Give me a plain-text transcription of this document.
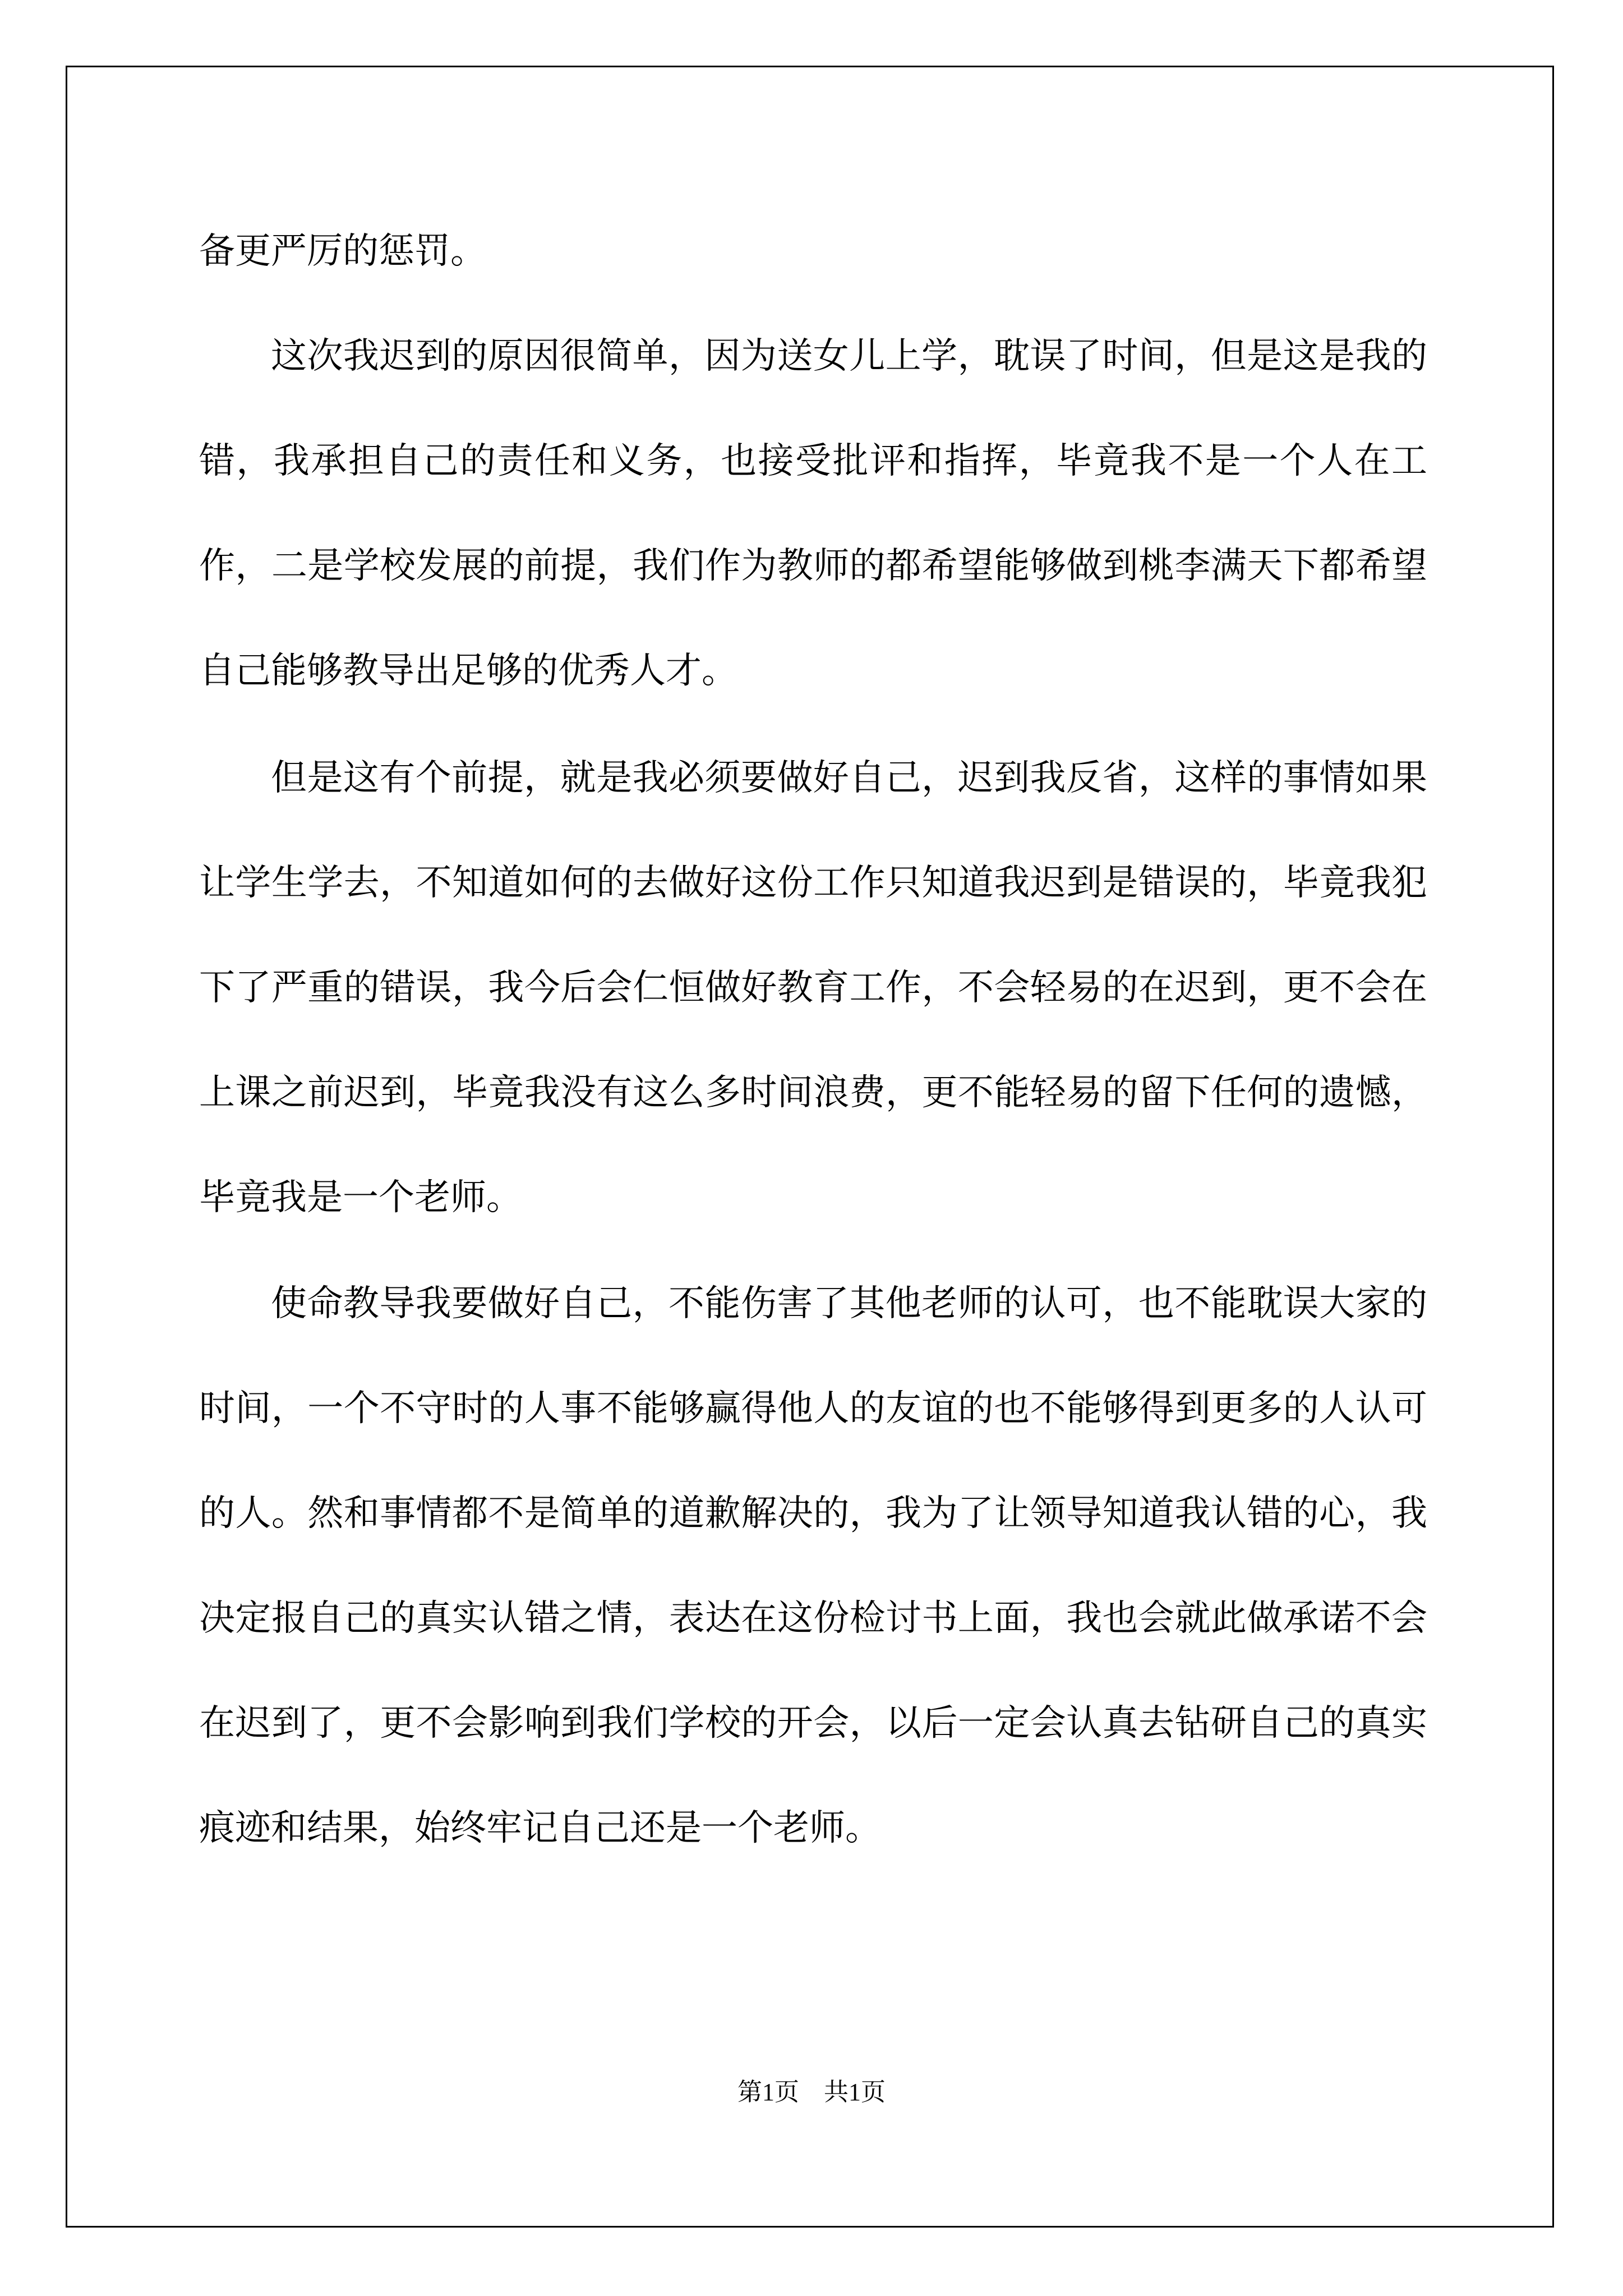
备更严厉的惩罚。

这次我迟到的原因很简单，因为送女儿上学，耽误了时间，但是这是我的错，我承担自己的责任和义务，也接受批评和指挥，毕竟我不是一个人在工作，二是学校发展的前提，我们作为教师的都希望能够做到桃李满天下都希望自己能够教导出足够的优秀人才。

但是这有个前提，就是我必须要做好自己，迟到我反省，这样的事情如果让学生学去，不知道如何的去做好这份工作只知道我迟到是错误的，毕竟我犯下了严重的错误，我今后会仁恒做好教育工作，不会轻易的在迟到，更不会在上课之前迟到，毕竟我没有这么多时间浪费，更不能轻易的留下任何的遗憾，毕竟我是一个老师。

使命教导我要做好自己，不能伤害了其他老师的认可，也不能耽误大家的时间，一个不守时的人事不能够赢得他人的友谊的也不能够得到更多的人认可的人。然和事情都不是简单的道歉解决的，我为了让领导知道我认错的心，我决定报自己的真实认错之情，表达在这份检讨书上面，我也会就此做承诺不会在迟到了，更不会影响到我们学校的开会，以后一定会认真去钻研自己的真实痕迹和结果，始终牢记自己还是一个老师。

第1页　共1页
